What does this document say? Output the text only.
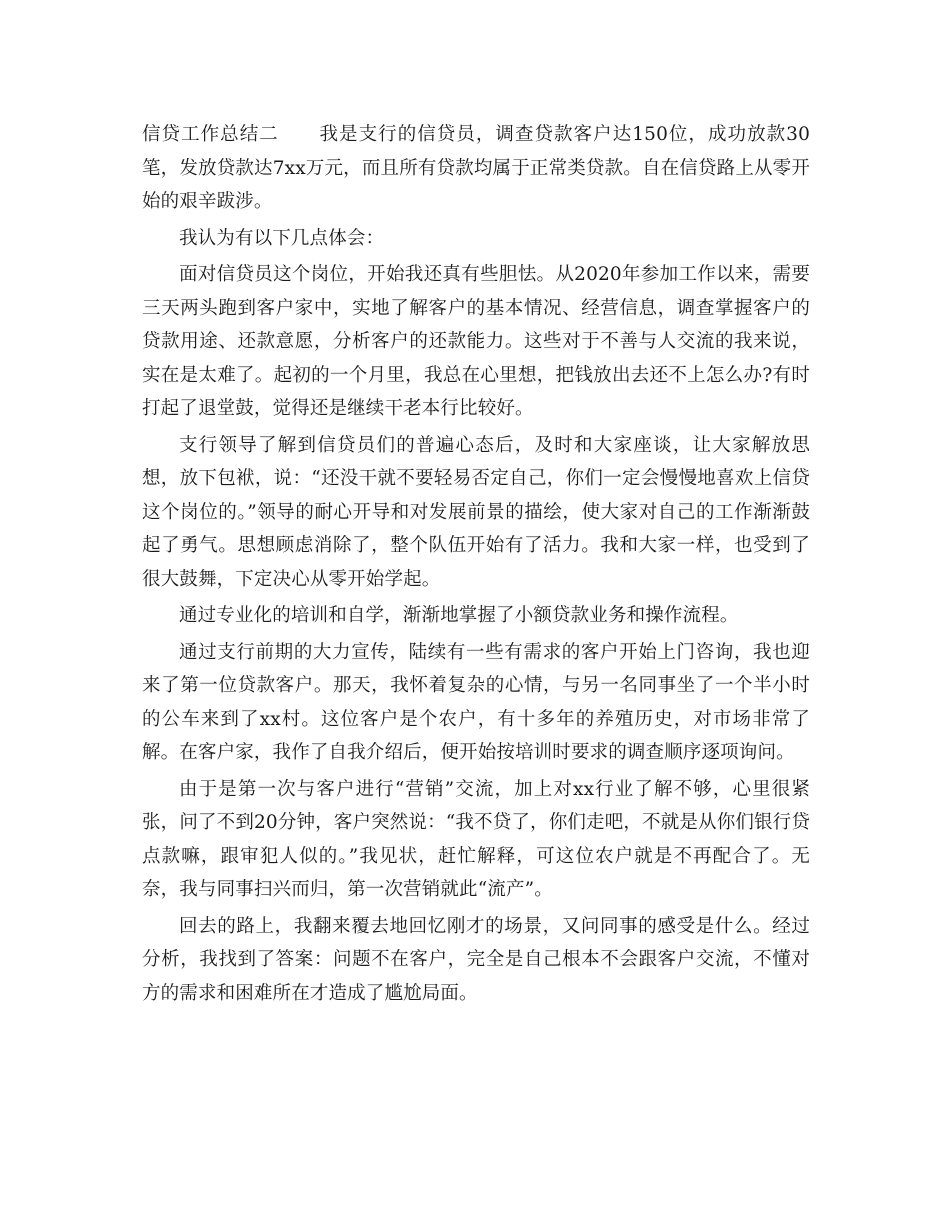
信贷工作总结二 我是支行的信贷员，调查贷款客户达150位，成功放款30笔，发放贷款达7xx万元，而且所有贷款均属于正常类贷款。自在信贷路上从零开始的艰辛跋涉。

我认为有以下几点体会：

面对信贷员这个岗位，开始我还真有些胆怯。从2020年参加工作以来，需要三天两头跑到客户家中，实地了解客户的基本情况、经营信息，调查掌握客户的贷款用途、还款意愿，分析客户的还款能力。这些对于不善与人交流的我来说，实在是太难了。起初的一个月里，我总在心里想，把钱放出去还不上怎么办?有时打起了退堂鼓，觉得还是继续干老本行比较好。

支行领导了解到信贷员们的普遍心态后，及时和大家座谈，让大家解放思想，放下包袱，说：“还没干就不要轻易否定自己，你们一定会慢慢地喜欢上信贷这个岗位的。”领导的耐心开导和对发展前景的描绘，使大家对自己的工作渐渐鼓起了勇气。思想顾虑消除了，整个队伍开始有了活力。我和大家一样，也受到了很大鼓舞，下定决心从零开始学起。

通过专业化的培训和自学，渐渐地掌握了小额贷款业务和操作流程。

通过支行前期的大力宣传，陆续有一些有需求的客户开始上门咨询，我也迎来了第一位贷款客户。那天，我怀着复杂的心情，与另一名同事坐了一个半小时的公车来到了xx村。这位客户是个农户，有十多年的养殖历史，对市场非常了解。在客户家，我作了自我介绍后，便开始按培训时要求的调查顺序逐项询问。

由于是第一次与客户进行“营销”交流，加上对xx行业了解不够，心里很紧张，问了不到20分钟，客户突然说：“我不贷了，你们走吧，不就是从你们银行贷点款嘛，跟审犯人似的。”我见状，赶忙解释，可这位农户就是不再配合了。无奈，我与同事扫兴而归，第一次营销就此“流产”。

回去的路上，我翻来覆去地回忆刚才的场景，又问同事的感受是什么。经过分析，我找到了答案：问题不在客户，完全是自己根本不会跟客户交流，不懂对方的需求和困难所在才造成了尴尬局面。
